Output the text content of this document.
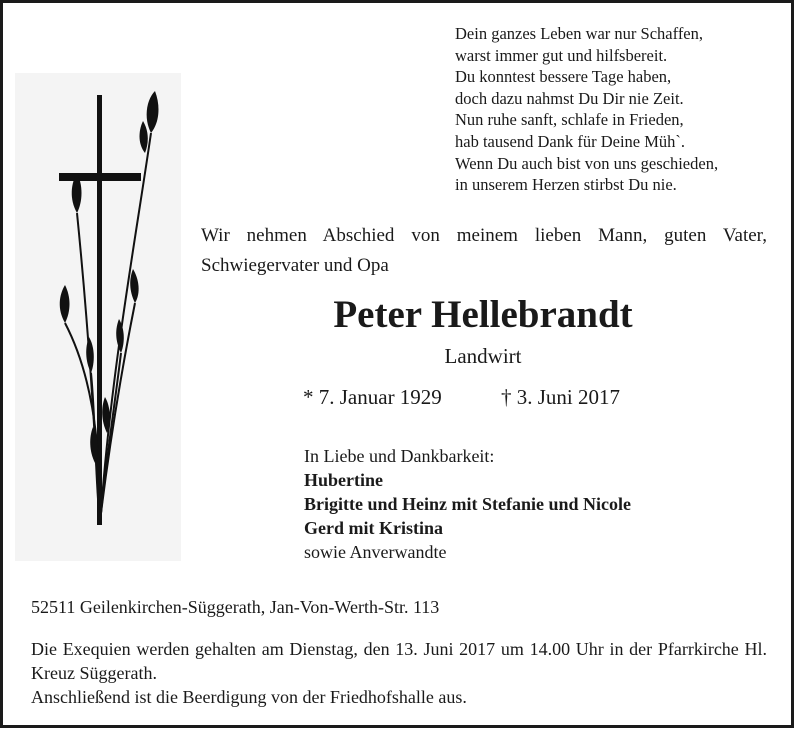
Dein ganzes Leben war nur Schaffen,
warst immer gut und hilfsbereit.
Du konntest bessere Tage haben,
doch dazu nahmst Du Dir nie Zeit.
Nun ruhe sanft, schlafe in Frieden,
hab tausend Dank für Deine Müh`.
Wenn Du auch bist von uns geschieden,
in unserem Herzen stirbst Du nie.
Wir nehmen Abschied von meinem lieben Mann, guten Vater, Schwiegervater und Opa
Peter Hellebrandt
Landwirt
* 7. Januar 1929	† 3. Juni 2017
In Liebe und Dankbarkeit:
Hubertine
Brigitte und Heinz mit Stefanie und Nicole
Gerd mit Kristina
sowie Anverwandte
52511 Geilenkirchen-Süggerath, Jan-Von-Werth-Str. 113
Die Exequien werden gehalten am Dienstag, den 13. Juni 2017 um 14.00 Uhr in der Pfarrkirche Hl. Kreuz Süggerath.
Anschließend ist die Beerdigung von der Friedhofshalle aus.
